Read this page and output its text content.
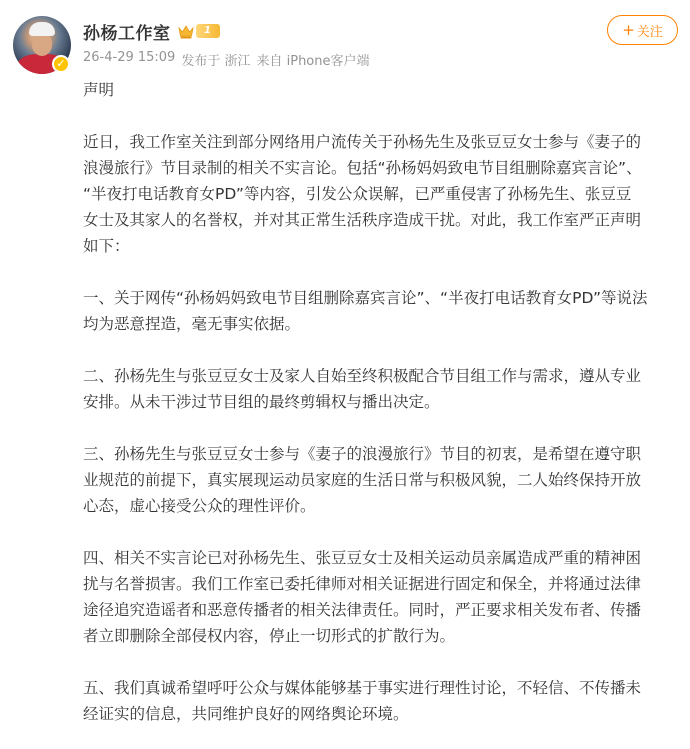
✓
孙杨工作室	1
26-4-29 15:09 发布于 浙江 来自 iPhone客户端
+ 关注

声明

近日，我工作室关注到部分网络用户流传关于孙杨先生及张豆豆女士参与《妻子的
浪漫旅行》节目录制的相关不实言论。包括“孙杨妈妈致电节目组删除嘉宾言论”、
“半夜打电话教育女PD”等内容，引发公众误解，已严重侵害了孙杨先生、张豆豆
女士及其家人的名誉权，并对其正常生活秩序造成干扰。对此，我工作室严正声明
如下：

一、关于网传“孙杨妈妈致电节目组删除嘉宾言论”、“半夜打电话教育女PD”等说法
均为恶意捏造，毫无事实依据。

二、孙杨先生与张豆豆女士及家人自始至终积极配合节目组工作与需求，遵从专业
安排。从未干涉过节目组的最终剪辑权与播出决定。

三、孙杨先生与张豆豆女士参与《妻子的浪漫旅行》节目的初衷，是希望在遵守职
业规范的前提下，真实展现运动员家庭的生活日常与积极风貌，二人始终保持开放
心态，虚心接受公众的理性评价。

四、相关不实言论已对孙杨先生、张豆豆女士及相关运动员亲属造成严重的精神困
扰与名誉损害。我们工作室已委托律师对相关证据进行固定和保全，并将通过法律
途径追究造谣者和恶意传播者的相关法律责任。同时，严正要求相关发布者、传播
者立即删除全部侵权内容，停止一切形式的扩散行为。

五、我们真诚希望呼吁公众与媒体能够基于事实进行理性讨论，不轻信、不传播未
经证实的信息，共同维护良好的网络舆论环境。
